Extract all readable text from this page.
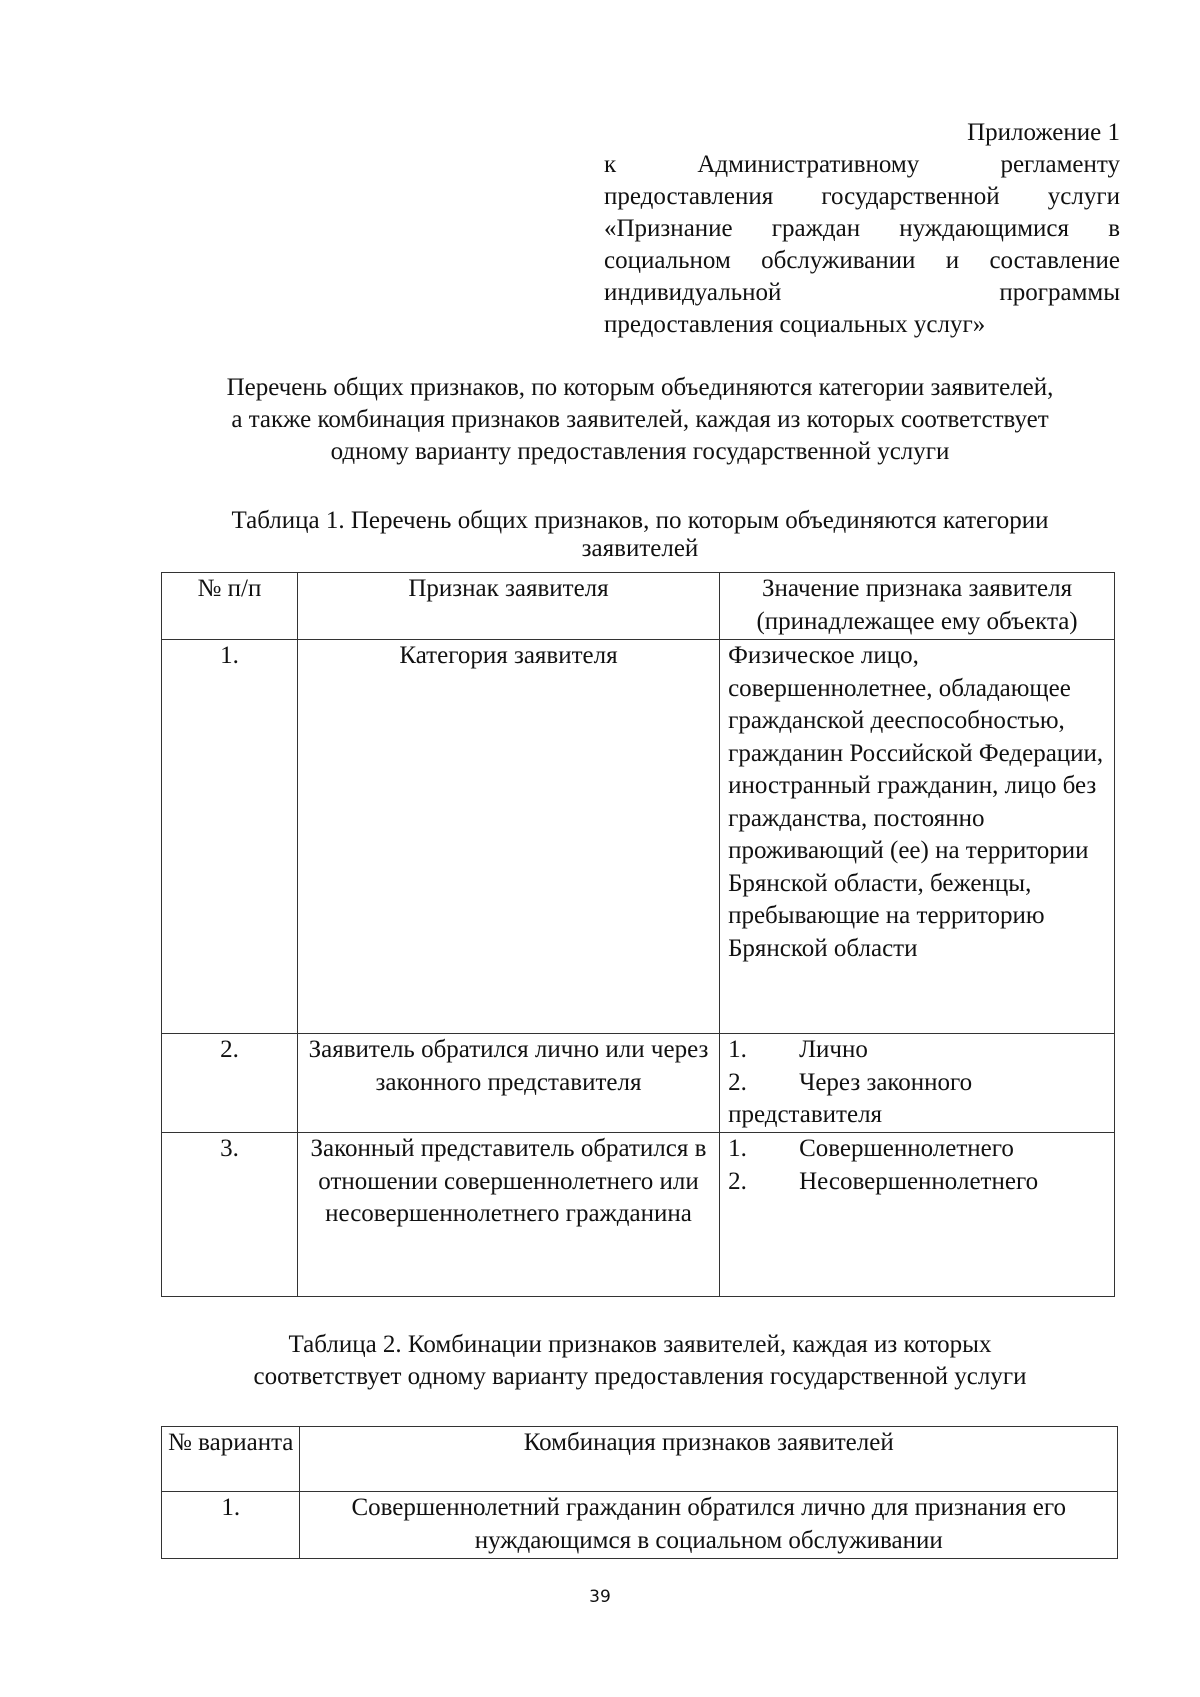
Приложение 1
к Административному регламенту
предоставления государственной услуги
«Признание граждан нуждающимися в
социальном обслуживании и составление
индивидуальной программы
предоставления социальных услуг»
Перечень общих признаков, по которым объединяются категории заявителей,
а также комбинация признаков заявителей, каждая из которых соответствует
одному варианту предоставления государственной услуги
Таблица 1. Перечень общих признаков, по которым объединяются категории
заявителей
№ п/п	Признак заявителя	Значение признака заявителя (принадлежащее ему объекта)
1.	Категория заявителя	Физическое лицо, совершеннолетнее, обладающее гражданской дееспособностью, гражданин Российской Федерации, иностранный гражданин, лицо без гражданства, постоянно проживающий (ее) на территории Брянской области, беженцы, пребывающие на территорию Брянской области
2.	Заявитель обратился лично или через законного представителя	1. Лично
2. Через законного
представителя

3.	Законный представитель обратился в отношении совершеннолетнего или несовершеннолетнего гражданина	1. Совершеннолетнего
2. Несовершеннолетнего
Таблица 2. Комбинации признаков заявителей, каждая из которых
соответствует одному варианту предоставления государственной услуги
№ варианта	Комбинация признаков заявителей
1.	Совершеннолетний гражданин обратился лично для признания его нуждающимся в социальном обслуживании
39
